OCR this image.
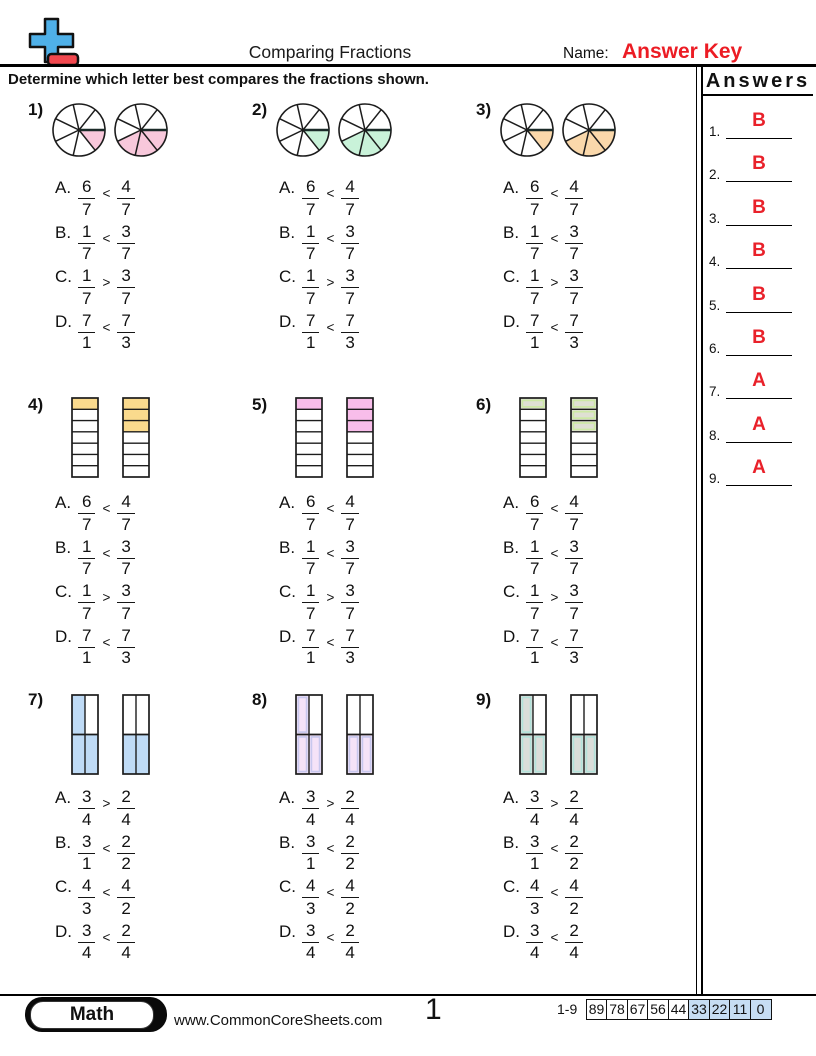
Comparing Fractions	Name: Answer Key
Determine which letter best compares the fractions shown.	Answers
1.
B
2.
B
3.
B
4.
B
5.
B
6.
B
7.
A
8.
A
9.
A
1)
A. $\frac{6}{7} < \frac{4}{7}$
B. $\frac{1}{7} < \frac{3}{7}$
C. $\frac{1}{7} > \frac{3}{7}$
D. $\frac{7}{1} < \frac{7}{3}$
2)
A. $\frac{6}{7} < \frac{4}{7}$
B. $\frac{1}{7} < \frac{3}{7}$
C. $\frac{1}{7} > \frac{3}{7}$
D. $\frac{7}{1} < \frac{7}{3}$
3)
A. $\frac{6}{7} < \frac{4}{7}$
B. $\frac{1}{7} < \frac{3}{7}$
C. $\frac{1}{7} > \frac{3}{7}$
D. $\frac{7}{1} < \frac{7}{3}$
4)
A. $\frac{6}{7} < \frac{4}{7}$
B. $\frac{1}{7} < \frac{3}{7}$
C. $\frac{1}{7} > \frac{3}{7}$
D. $\frac{7}{1} < \frac{7}{3}$
5)
A. $\frac{6}{7} < \frac{4}{7}$
B. $\frac{1}{7} < \frac{3}{7}$
C. $\frac{1}{7} > \frac{3}{7}$
D. $\frac{7}{1} < \frac{7}{3}$
6)
A. $\frac{6}{7} < \frac{4}{7}$
B. $\frac{1}{7} < \frac{3}{7}$
C. $\frac{1}{7} > \frac{3}{7}$
D. $\frac{7}{1} < \frac{7}{3}$
7)
A. $\frac{3}{4} > \frac{2}{4}$
B. $\frac{3}{1} < \frac{2}{2}$
C. $\frac{4}{3} < \frac{4}{2}$
D. $\frac{3}{4} < \frac{2}{4}$
8)
A. $\frac{3}{4} > \frac{2}{4}$
B. $\frac{3}{1} < \frac{2}{2}$
C. $\frac{4}{3} < \frac{4}{2}$
D. $\frac{3}{4} < \frac{2}{4}$
9)
A. $\frac{3}{4} > \frac{2}{4}$
B. $\frac{3}{1} < \frac{2}{2}$
C. $\frac{4}{3} < \frac{4}{2}$
D. $\frac{3}{4} < \frac{2}{4}$
Math	www.CommonCoreSheets.com 1	1-9 89 78 67 56 44 33 22 11 0
